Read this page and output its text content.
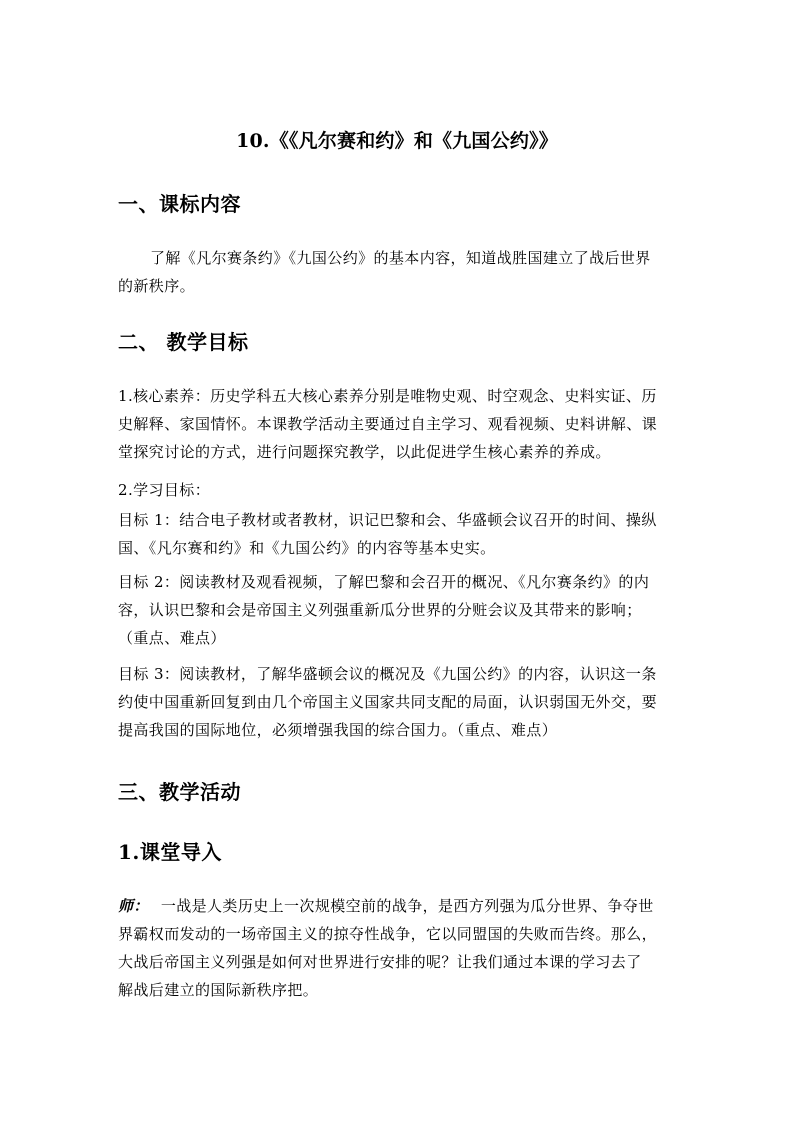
10.《《凡尔赛和约》和《九国公约》》
一、课标内容

了解《凡尔赛条约》《九国公约》的基本内容，知道战胜国建立了战后世界
的新秩序。

二、 教学目标

1.核心素养：历史学科五大核心素养分别是唯物史观、时空观念、史料实证、历
史解释、家国情怀。本课教学活动主要通过自主学习、观看视频、史料讲解、课
堂探究讨论的方式，进行问题探究教学，以此促进学生核心素养的养成。

2.学习目标：

目标 1：结合电子教材或者教材，识记巴黎和会、华盛顿会议召开的时间、操纵
国、《凡尔赛和约》和《九国公约》的内容等基本史实。

目标 2：阅读教材及观看视频，了解巴黎和会召开的概况、《凡尔赛条约》的内
容，认识巴黎和会是帝国主义列强重新瓜分世界的分赃会议及其带来的影响；
（重点、难点）

目标 3：阅读教材，了解华盛顿会议的概况及《九国公约》的内容，认识这一条
约使中国重新回复到由几个帝国主义国家共同支配的局面，认识弱国无外交，要
提高我国的国际地位，必须增强我国的综合国力。（重点、难点）

三、教学活动
1.课堂导入

师： 一战是人类历史上一次规模空前的战争，是西方列强为瓜分世界、争夺世
界霸权而发动的一场帝国主义的掠夺性战争，它以同盟国的失败而告终。那么，
大战后帝国主义列强是如何对世界进行安排的呢？让我们通过本课的学习去了
解战后建立的国际新秩序把。
